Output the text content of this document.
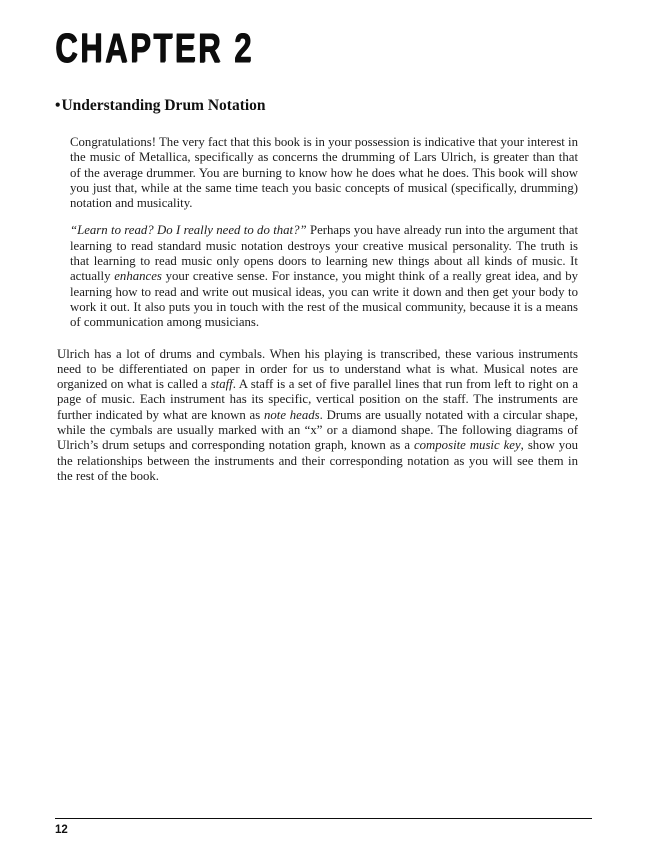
CHAPTER 2
•Understanding Drum Notation

Congratulations! The very fact that this book is in your possession is indicative that your interest in the music of Metallica, specifically as concerns the drumming of Lars Ulrich, is greater than that of the average drummer. You are burning to know how he does what he does. This book will show you just that, while at the same time teach you basic concepts of musical (specifically, drumming) notation and musicality.

“Learn to read? Do I really need to do that?” Perhaps you have already run into the argument that learning to read standard music notation destroys your creative musical personality. The truth is that learning to read music only opens doors to learning new things about all kinds of music. It actually enhances your creative sense. For instance, you might think of a really great idea, and by learning how to read and write out musical ideas, you can write it down and then get your body to work it out. It also puts you in touch with the rest of the musical community, because it is a means of communication among musicians.

Ulrich has a lot of drums and cymbals. When his playing is transcribed, these various instruments need to be differentiated on paper in order for us to understand what is what. Musical notes are organized on what is called a staff. A staff is a set of five parallel lines that run from left to right on a page of music. Each instrument has its specific, vertical position on the staff. The instruments are further indicated by what are known as note heads. Drums are usually notated with a circular shape, while the cymbals are usually marked with an “x” or a diamond shape. The following diagrams of Ulrich’s drum setups and corresponding notation graph, known as a composite music key, show you the relationships between the instruments and their corresponding notation as you will see them in the rest of the book.

12
